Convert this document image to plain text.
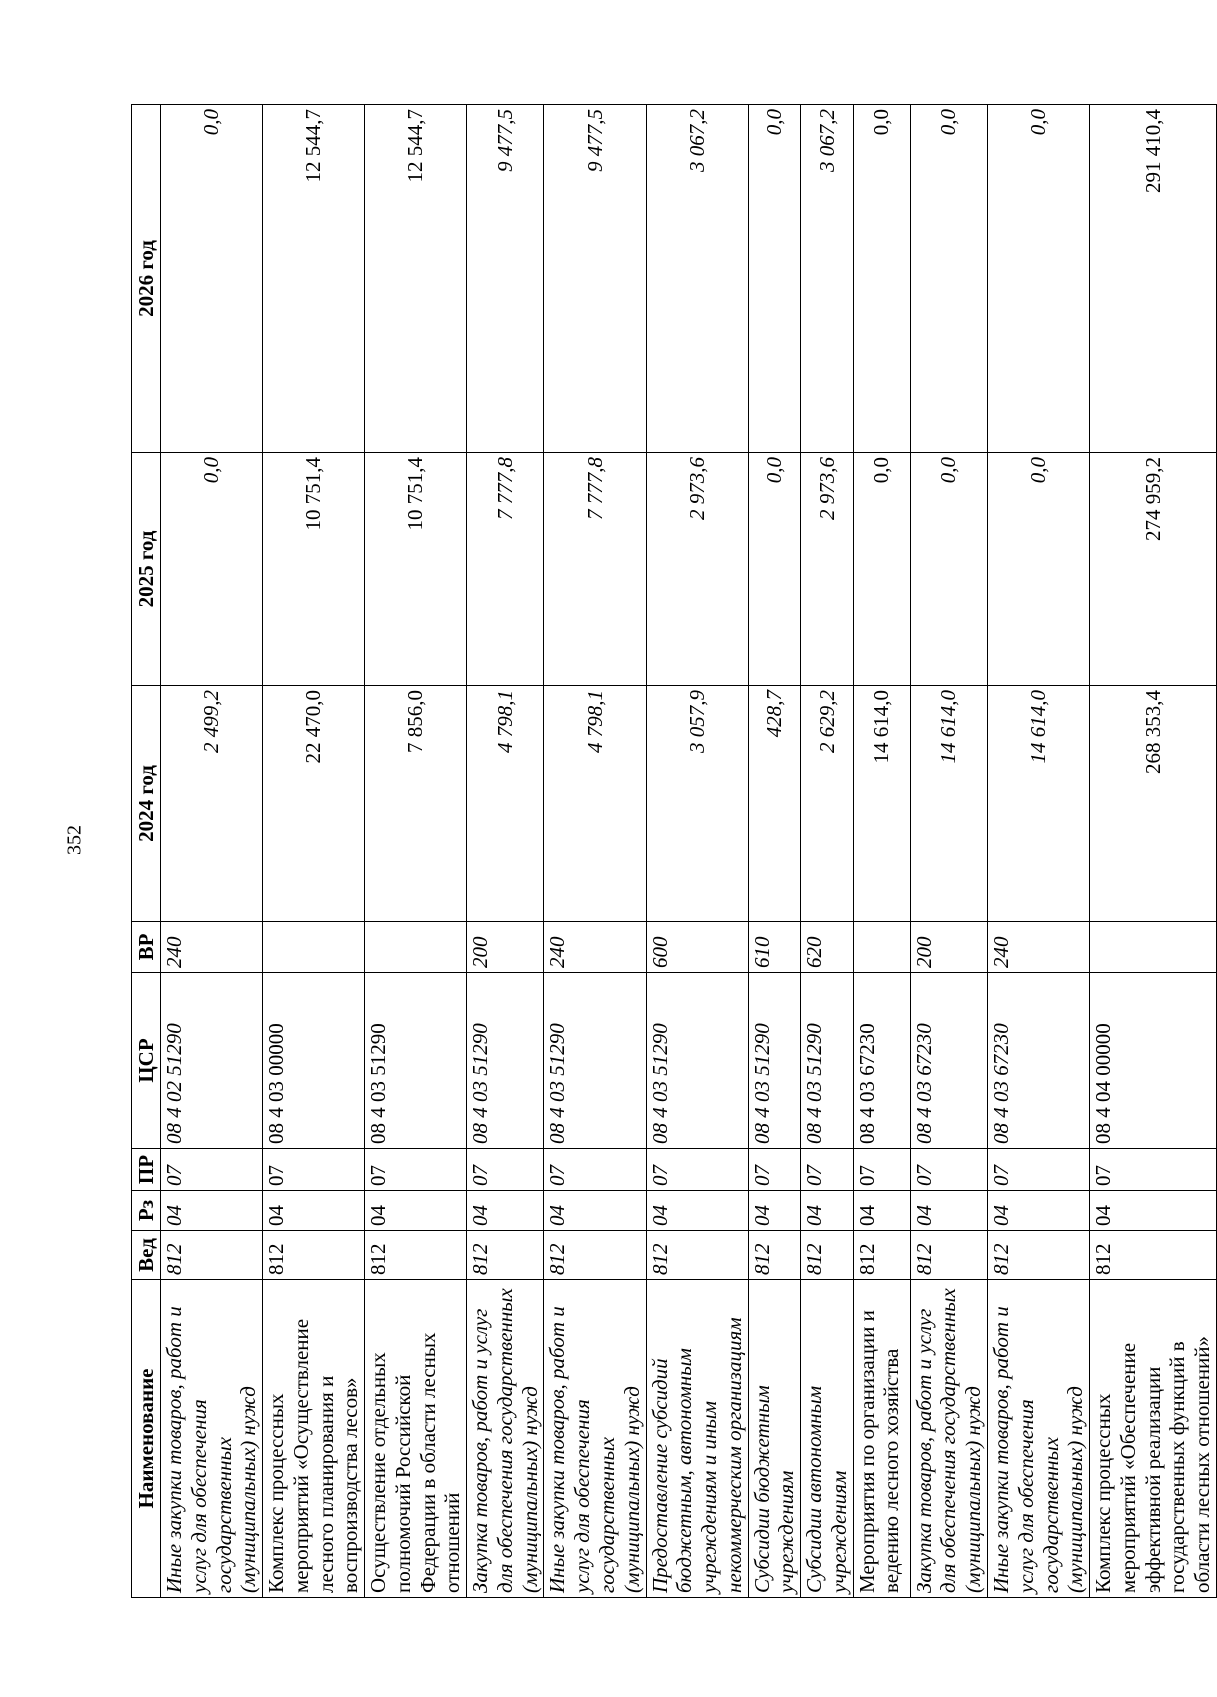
352
Наименование	Вед	Рз	ПР	ЦСР	ВР	2024 год	2025 год	2026 год
Иные закупки товаров, работ и услуг для обеспечения государственных (муниципальных) нужд	812	04	07	08 4 02 51290	240	2 499,2	0,0	0,0
Комплекс процессных мероприятий «Осуществление лесного планирования и воспроизводства лесов»	812	04	07	08 4 03 00000		22 470,0	10 751,4	12 544,7
Осуществление отдельных полномочий Российской Федерации в области лесных отношений	812	04	07	08 4 03 51290		7 856,0	10 751,4	12 544,7
Закупка товаров, работ и услуг для обеспечения государственных (муниципальных) нужд	812	04	07	08 4 03 51290	200	4 798,1	7 777,8	9 477,5
Иные закупки товаров, работ и услуг для обеспечения государственных (муниципальных) нужд	812	04	07	08 4 03 51290	240	4 798,1	7 777,8	9 477,5
Предоставление субсидий бюджетным, автономным учреждениям и иным некоммерческим организациям	812	04	07	08 4 03 51290	600	3 057,9	2 973,6	3 067,2
Субсидии бюджетным учреждениям	812	04	07	08 4 03 51290	610	428,7	0,0	0,0
Субсидии автономным учреждениям	812	04	07	08 4 03 51290	620	2 629,2	2 973,6	3 067,2
Мероприятия по организации и ведению лесного хозяйства	812	04	07	08 4 03 67230		14 614,0	0,0	0,0
Закупка товаров, работ и услуг для обеспечения государственных (муниципальных) нужд	812	04	07	08 4 03 67230	200	14 614,0	0,0	0,0
Иные закупки товаров, работ и услуг для обеспечения государственных (муниципальных) нужд	812	04	07	08 4 03 67230	240	14 614,0	0,0	0,0
Комплекс процессных мероприятий «Обеспечение эффективной реализации государственных функций в области лесных отношений»	812	04	07	08 4 04 00000		268 353,4	274 959,2	291 410,4
